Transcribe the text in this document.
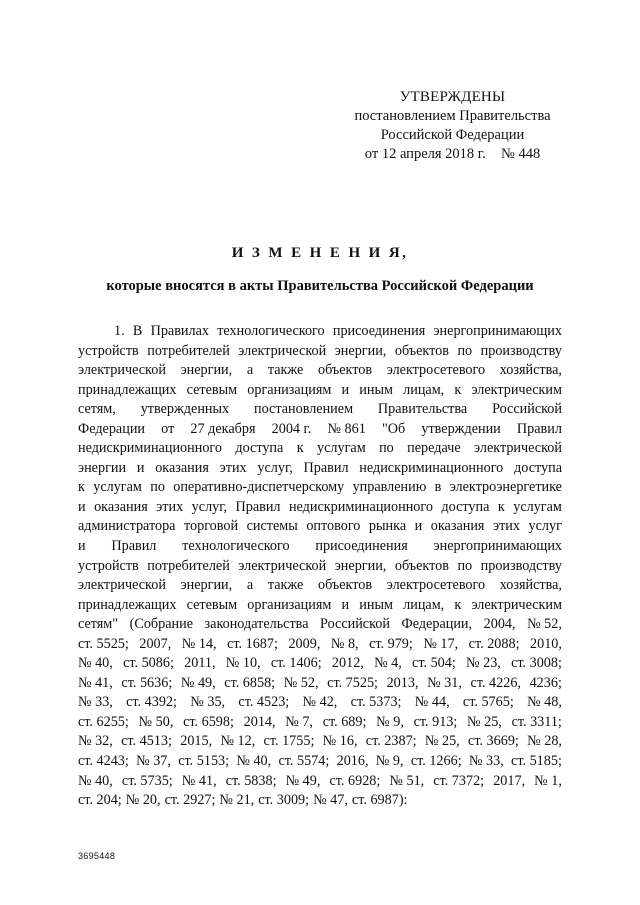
УТВЕРЖДЕНЫ
постановлением Правительства
Российской Федерации
от 12 апреля 2018 г. № 448
И З М Е Н Е Н И Я,
которые вносятся в акты Правительства Российской Федерации
1. В Правилах технологического присоединения энергопринимающих
устройств потребителей электрической энергии, объектов по производству
электрической энергии, а также объектов электросетевого хозяйства,
принадлежащих сетевым организациям и иным лицам, к электрическим
сетям, утвержденных постановлением Правительства Российской
Федерации от 27 декабря 2004 г. № 861 "Об утверждении Правил
недискриминационного доступа к услугам по передаче электрической
энергии и оказания этих услуг, Правил недискриминационного доступа
к услугам по оперативно-диспетчерскому управлению в электроэнергетике
и оказания этих услуг, Правил недискриминационного доступа к услугам
администратора торговой системы оптового рынка и оказания этих услуг
и Правил технологического присоединения энергопринимающих
устройств потребителей электрической энергии, объектов по производству
электрической энергии, а также объектов электросетевого хозяйства,
принадлежащих сетевым организациям и иным лицам, к электрическим
сетям" (Собрание законодательства Российской Федерации, 2004, № 52,
ст. 5525; 2007, № 14, ст. 1687; 2009, № 8, ст. 979; № 17, ст. 2088; 2010,
№ 40, ст. 5086; 2011, № 10, ст. 1406; 2012, № 4, ст. 504; № 23, ст. 3008;
№ 41, ст. 5636; № 49, ст. 6858; № 52, ст. 7525; 2013, № 31, ст. 4226, 4236;
№ 33, ст. 4392; № 35, ст. 4523; № 42, ст. 5373; № 44, ст. 5765; № 48,
ст. 6255; № 50, ст. 6598; 2014, № 7, ст. 689; № 9, ст. 913; № 25, ст. 3311;
№ 32, ст. 4513; 2015, № 12, ст. 1755; № 16, ст. 2387; № 25, ст. 3669; № 28,
ст. 4243; № 37, ст. 5153; № 40, ст. 5574; 2016, № 9, ст. 1266; № 33, ст. 5185;
№ 40, ст. 5735; № 41, ст. 5838; № 49, ст. 6928; № 51, ст. 7372; 2017, № 1,
ст. 204; № 20, ст. 2927; № 21, ст. 3009; № 47, ст. 6987):
3695448
